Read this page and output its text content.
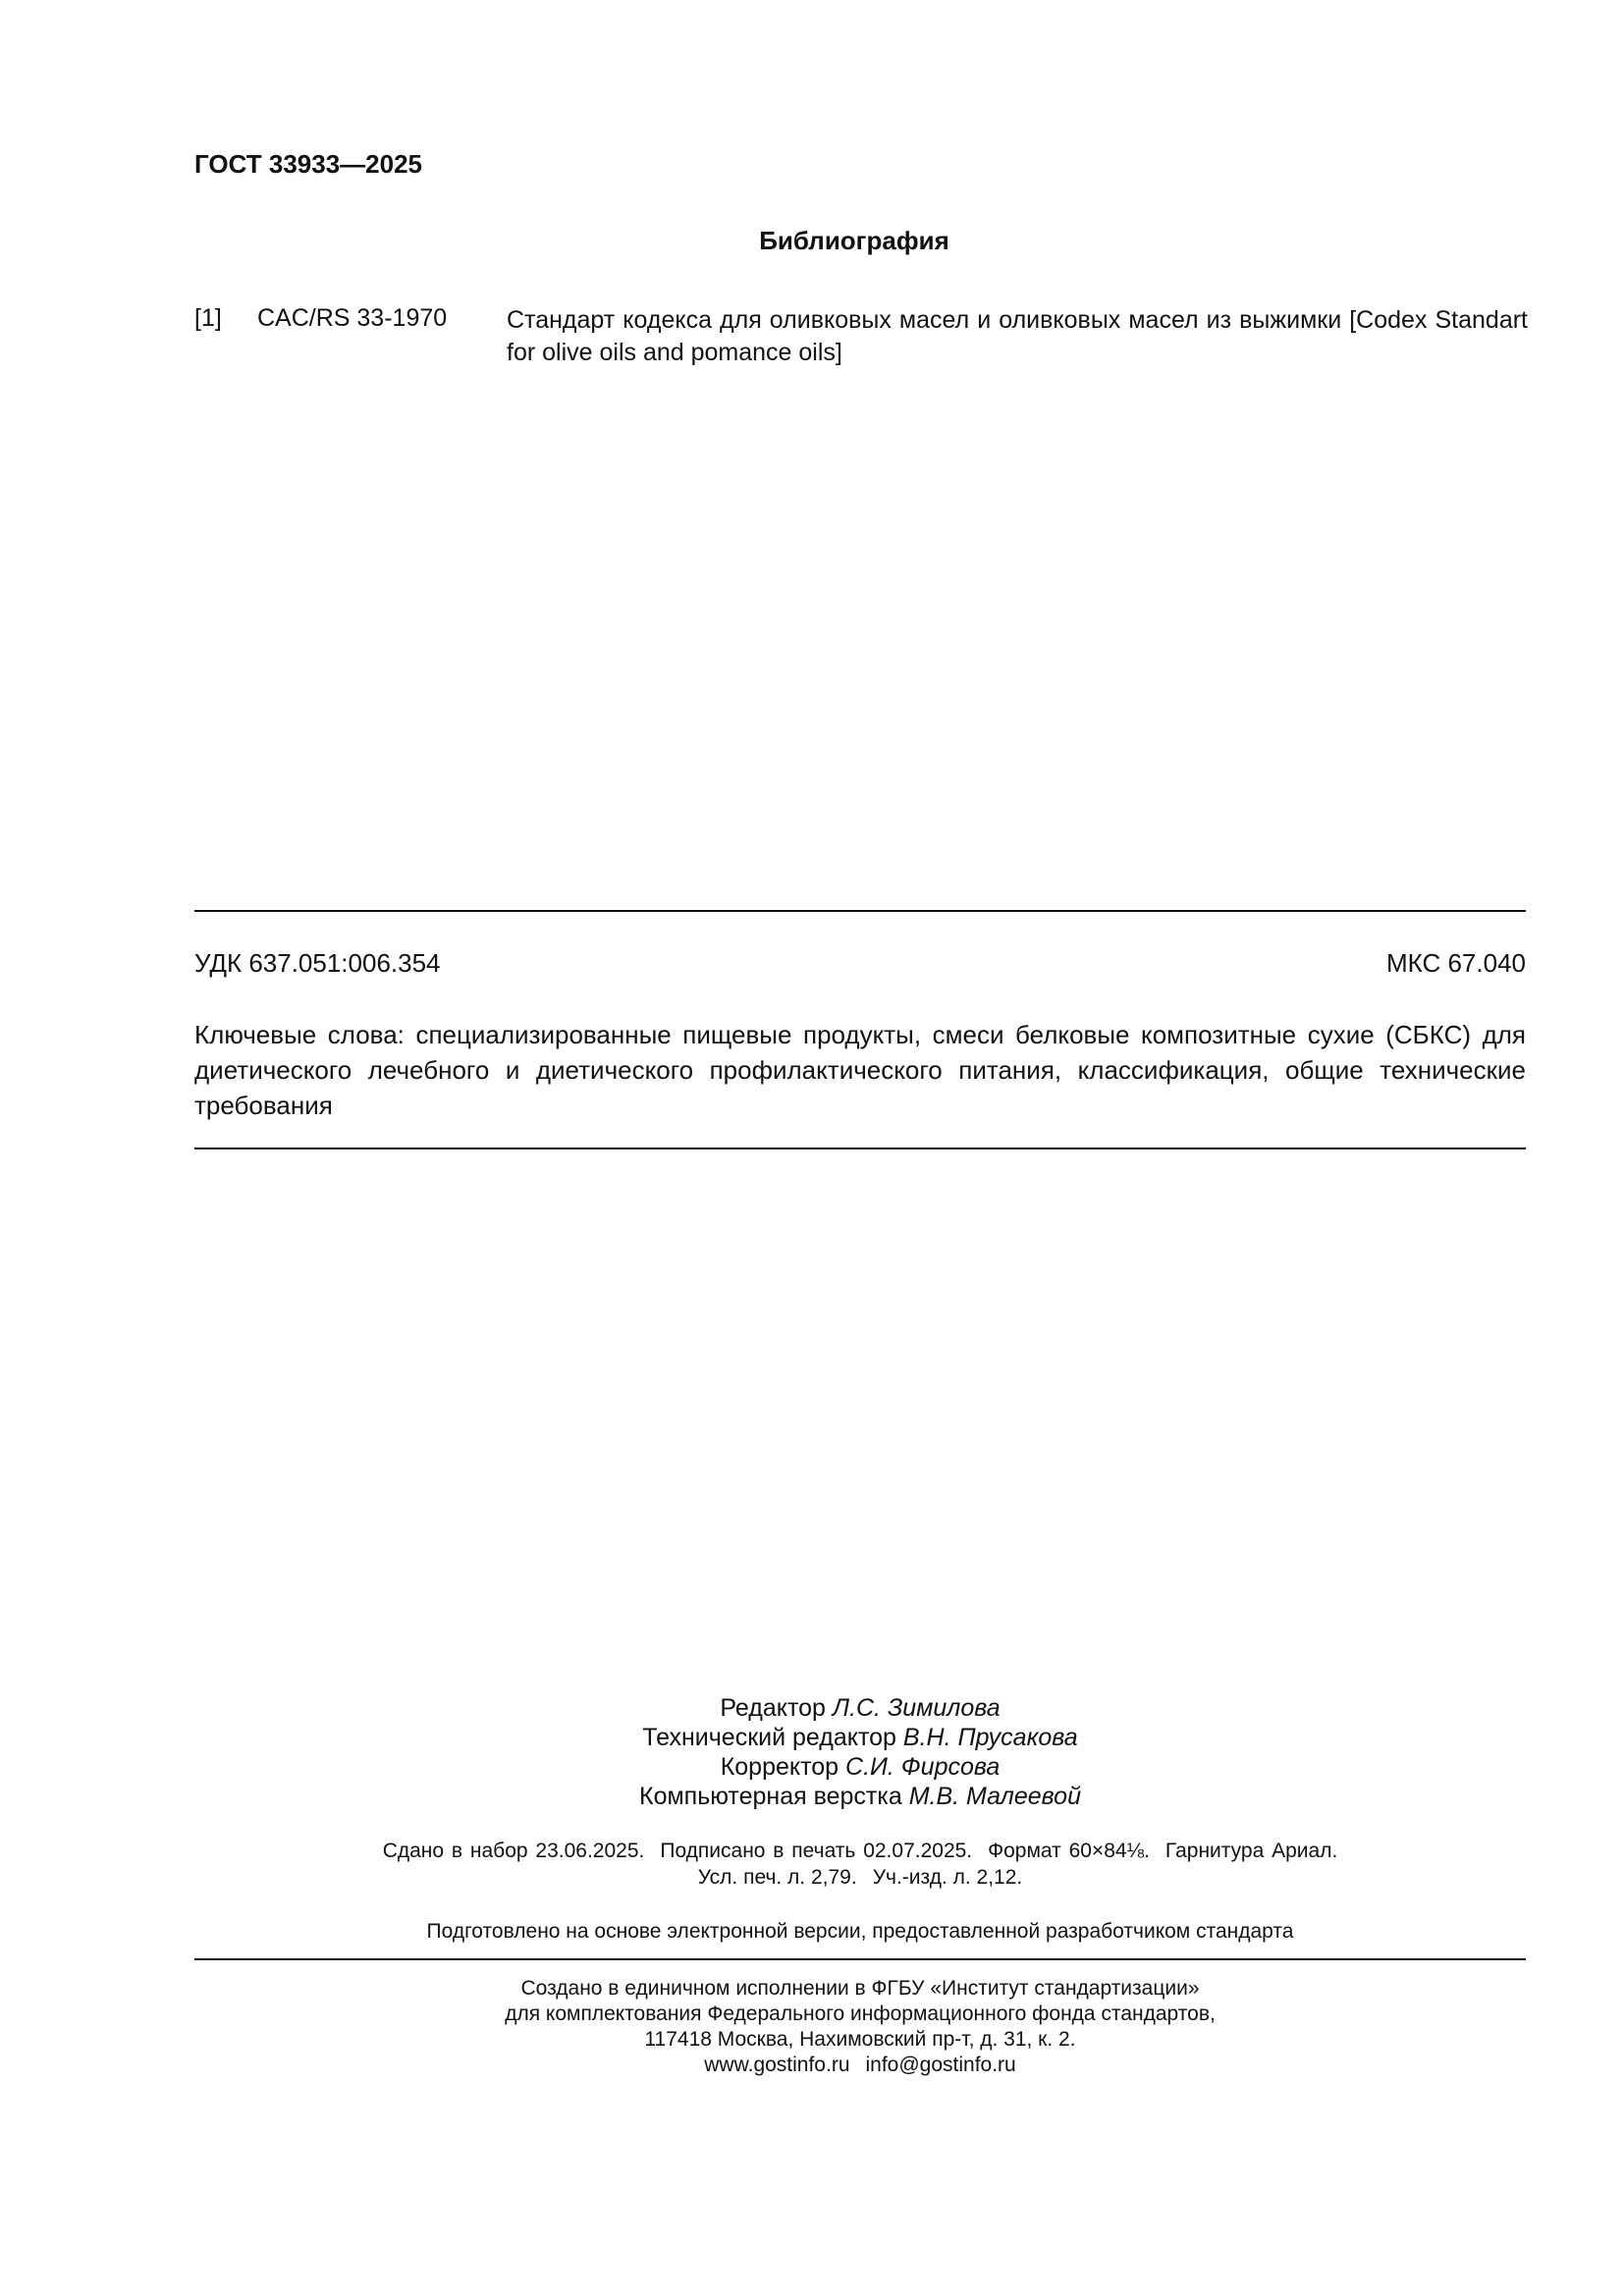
ГОСТ 33933—2025
Библиография
[1] CAC/RS 33-1970 Стандарт кодекса для оливковых масел и оливковых масел из выжимки [Codex Standart for olive oils and pomance oils]
УДК 637.051:006.354	МКС 67.040
Ключевые слова: специализированные пищевые продукты, смеси белковые композитные сухие (СБКС) для диетического лечебного и диетического профилактического питания, классификация, общие технические требования
Редактор Л.С. Зимилова
Технический редактор В.Н. Прусакова
Корректор С.И. Фирсова
Компьютерная верстка М.В. Малеевой
Сдано в набор 23.06.2025. Подписано в печать 02.07.2025. Формат 60×84⅛. Гарнитура Ариал.
Усл. печ. л. 2,79. Уч.-изд. л. 2,12.
Подготовлено на основе электронной версии, предоставленной разработчиком стандарта
Создано в единичном исполнении в ФГБУ «Институт стандартизации»
для комплектования Федерального информационного фонда стандартов,
117418 Москва, Нахимовский пр-т, д. 31, к. 2.
www.gostinfo.ru info@gostinfo.ru
